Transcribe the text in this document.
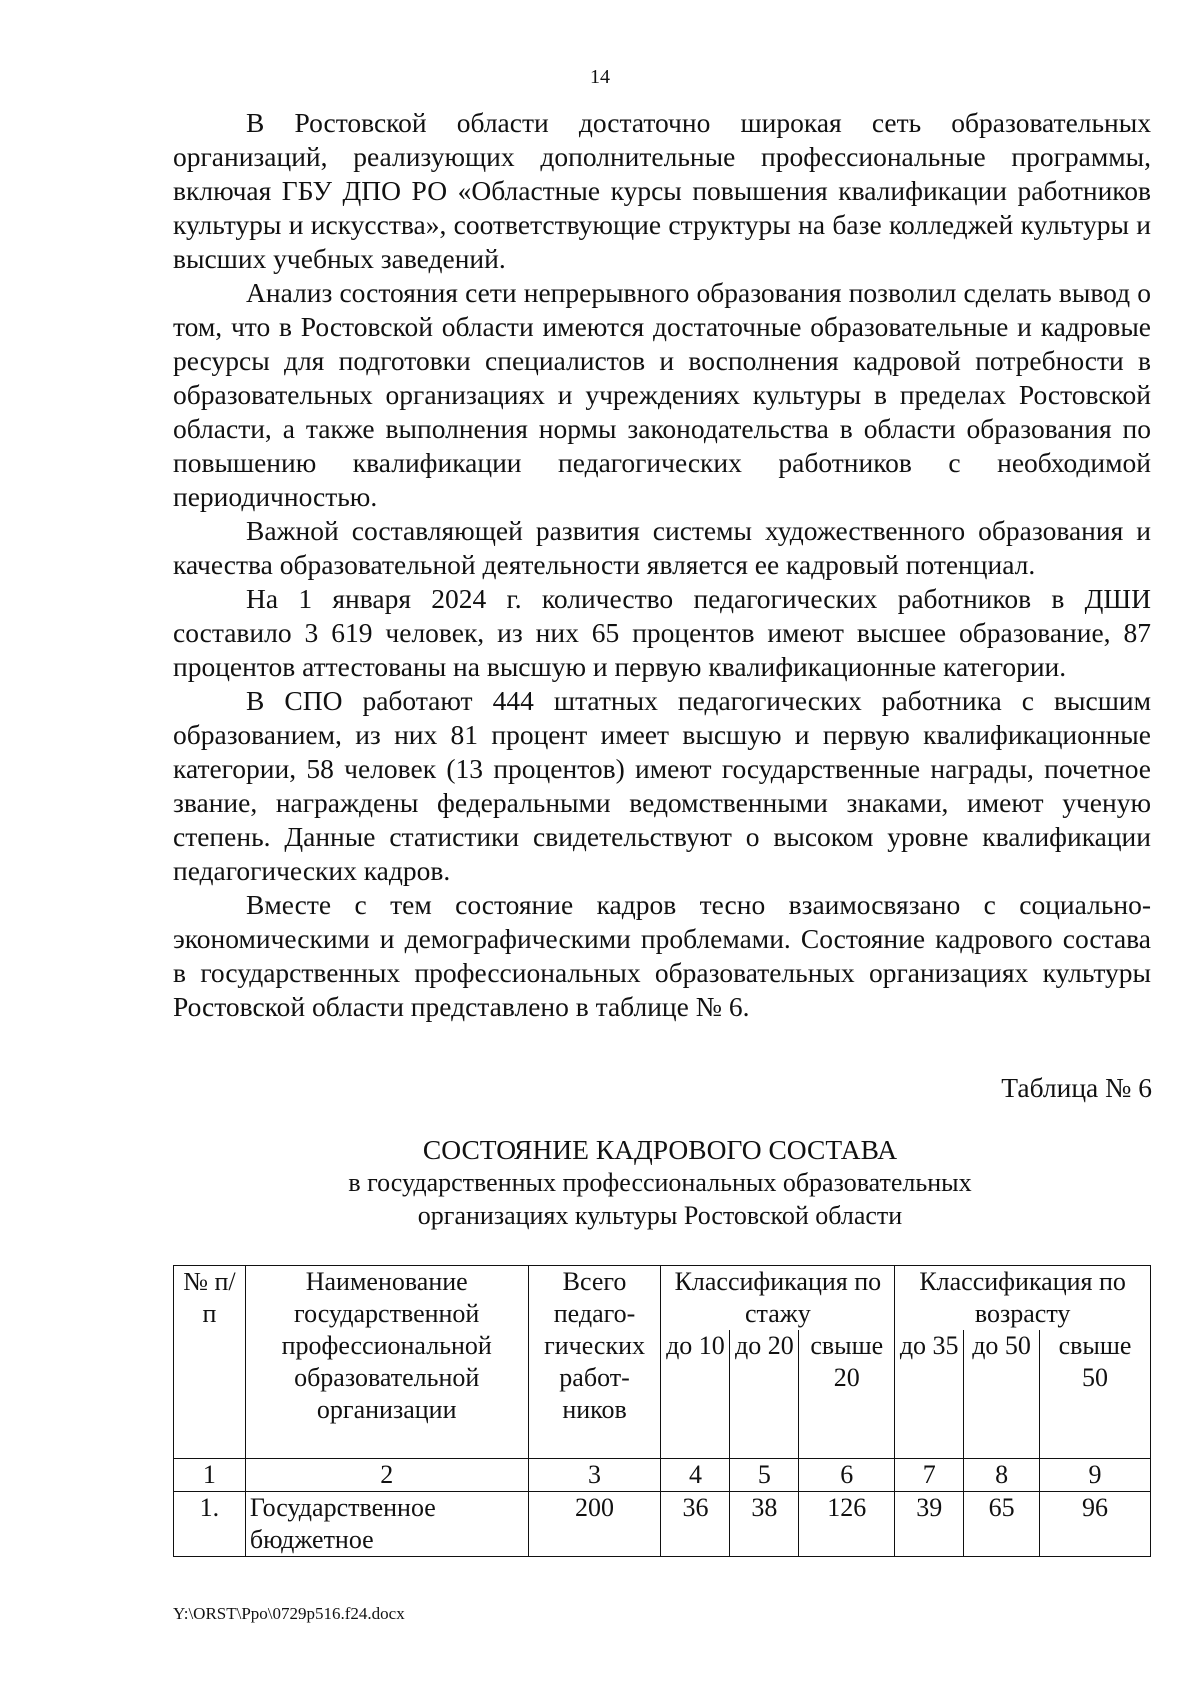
14

В Ростовской области достаточно широкая сеть образовательных организаций, реализующих дополнительные профессиональные программы, включая ГБУ ДПО РО «Областные курсы повышения квалификации работников культуры и искусства», соответствующие структуры на базе колледжей культуры и высших учебных заведений.

Анализ состояния сети непрерывного образования позволил сделать вывод о том, что в Ростовской области имеются достаточные образовательные и кадровые ресурсы для подготовки специалистов и восполнения кадровой потребности в образовательных организациях и учреждениях культуры в пределах Ростовской области, а также выполнения нормы законодательства в области образования по повышению квалификации педагогических работников с необходимой периодичностью.

Важной составляющей развития системы художественного образования и качества образовательной деятельности является ее кадровый потенциал.

На 1 января 2024 г. количество педагогических работников в ДШИ составило 3 619 человек, из них 65 процентов имеют высшее образование, 87 процентов аттестованы на высшую и первую квалификационные категории.

В СПО работают 444 штатных педагогических работника с высшим образованием, из них 81 процент имеет высшую и первую квалификационные категории, 58 человек (13 процентов) имеют государственные награды, почетное звание, награждены федеральными ведомственными знаками, имеют ученую степень. Данные статистики свидетельствуют о высоком уровне квалификации педагогических кадров.

Вместе с тем состояние кадров тесно взаимосвязано с социально-экономическими и демографическими проблемами. Состояние кадрового состава в государственных профессиональных образовательных организациях культуры Ростовской области представлено в таблице № 6.

Таблица № 6
СОСТОЯНИЕ КАДРОВОГО СОСТАВА
в государственных профессиональных образовательных
организациях культуры Ростовской области
№ п/п	Наименование государственной профессиональной образовательной организации	Всего педаго-гических работ-ников	Классификация по стажу			Классификация по возрасту		
			до 10	до 20	свыше 20	до 35	до 50	свыше 50
1	2	3	4	5	6	7	8	9
1.	Государственное бюджетное	200	36	38	126	39	65	96
Y:\ORST\Ppo\0729p516.f24.docx
